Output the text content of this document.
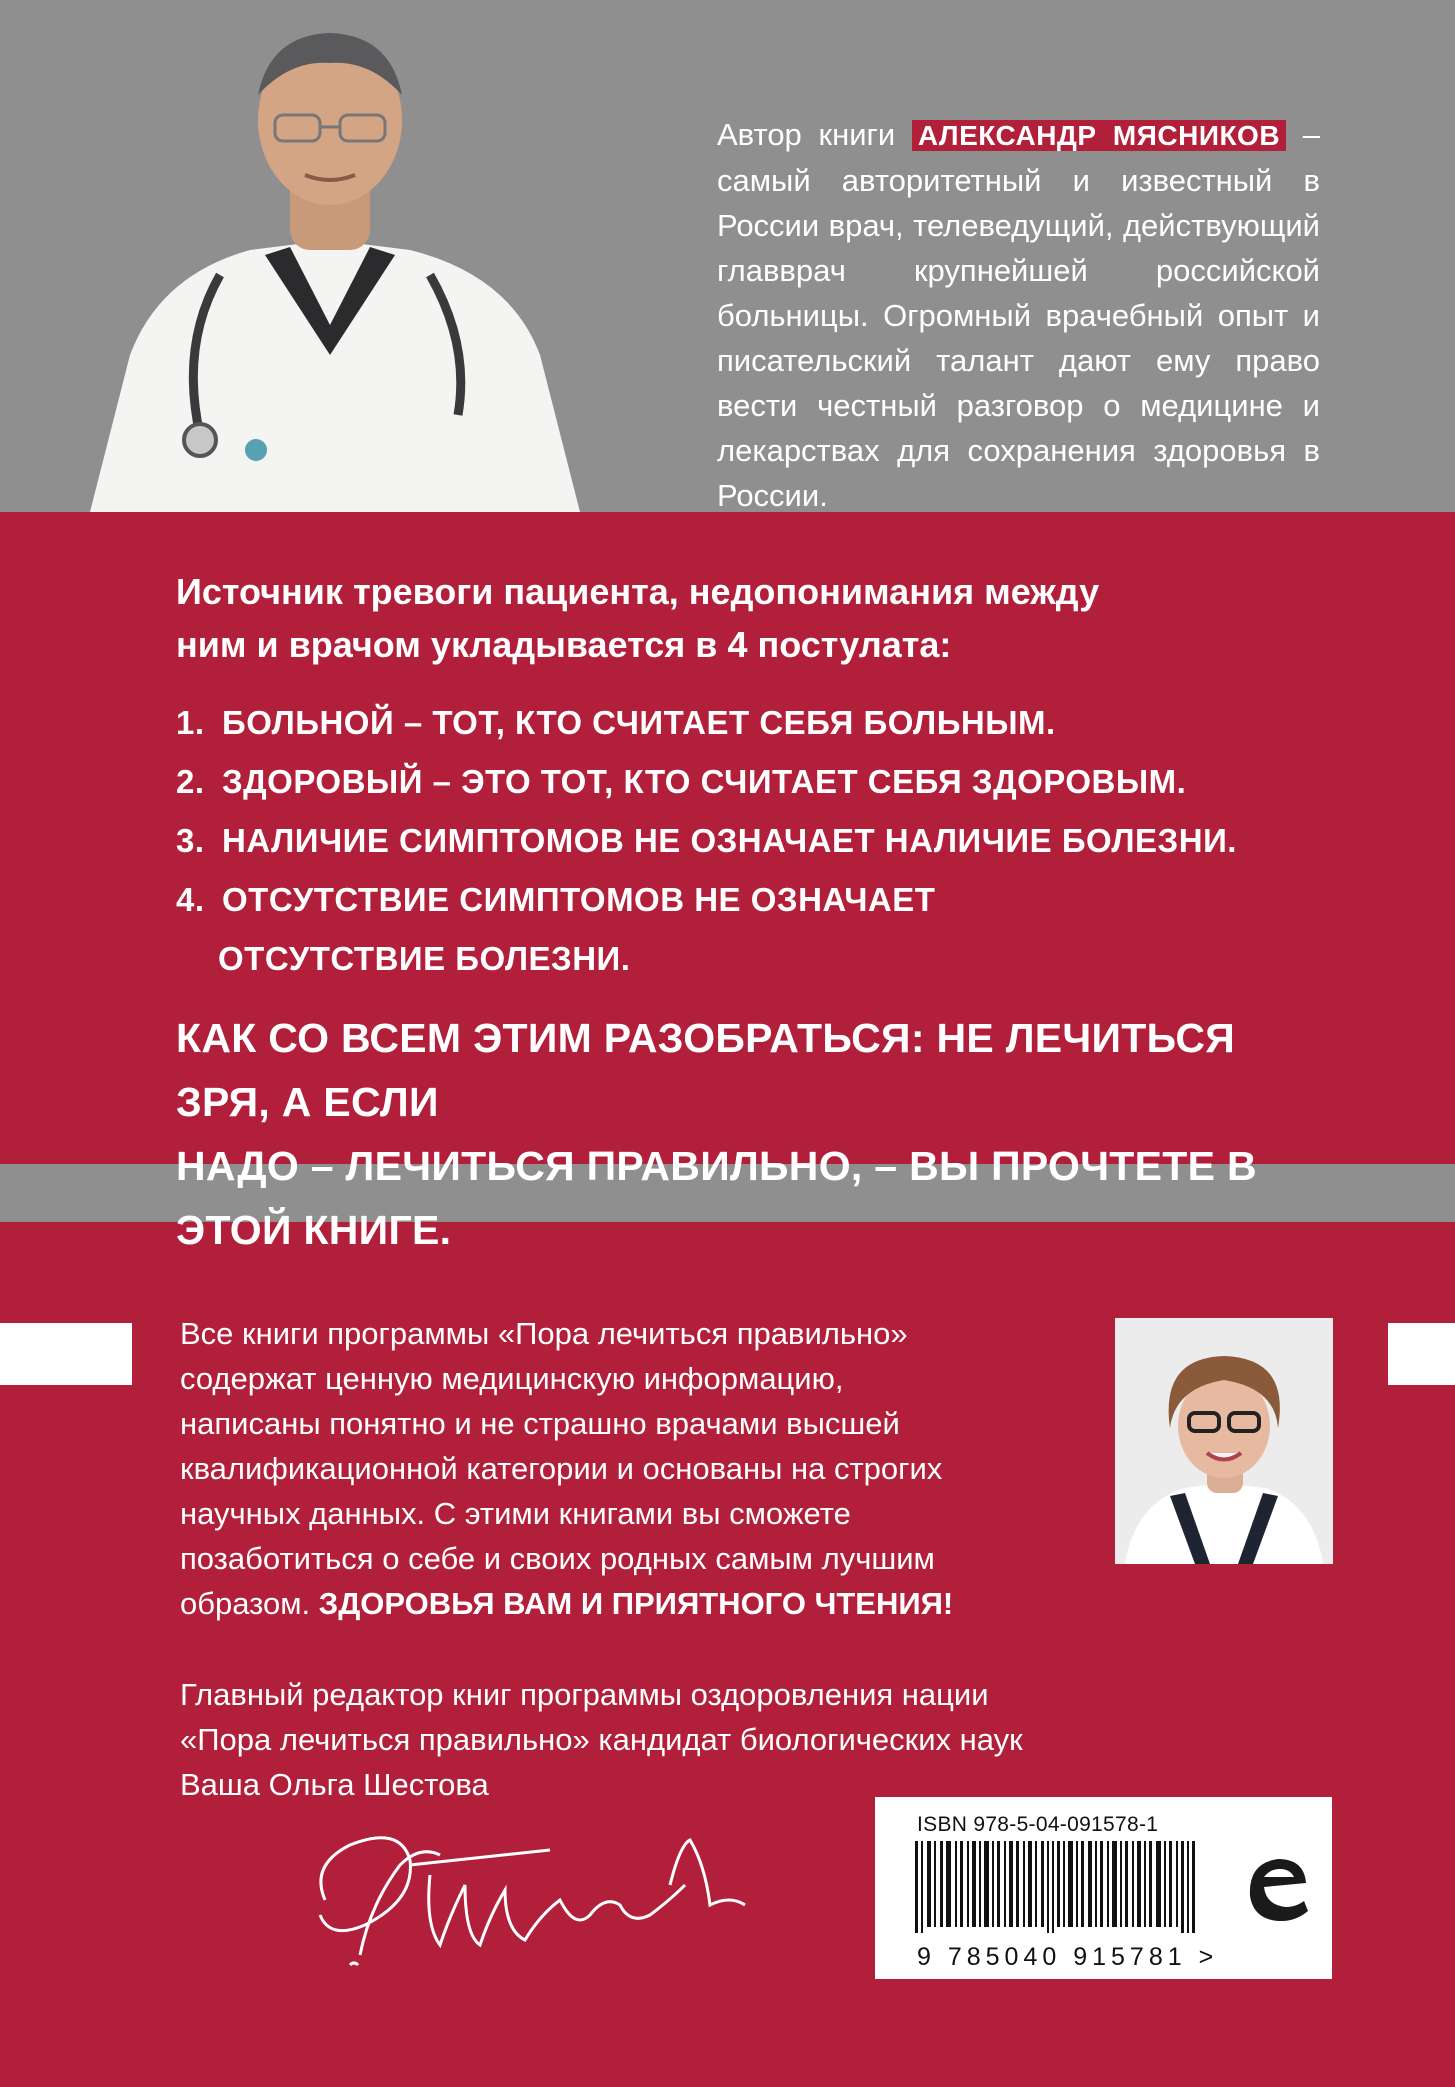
Автор книги АЛЕКСАНДР МЯСНИКОВ – самый авторитетный и известный в России врач, телеведущий, действующий главврач крупнейшей российской больницы. Огромный врачебный опыт и писательский талант дают ему право вести честный разговор о медицине и лекарствах для сохранения здоровья в России.
Источник тревоги пациента, недопонимания между
ним и врачом укладывается в 4 постулата:
1. БОЛЬНОЙ – ТОТ, КТО СЧИТАЕТ СЕБЯ БОЛЬНЫМ.
2. ЗДОРОВЫЙ – ЭТО ТОТ, КТО СЧИТАЕТ СЕБЯ ЗДОРОВЫМ.
3. НАЛИЧИЕ СИМПТОМОВ НЕ ОЗНАЧАЕТ НАЛИЧИЕ БОЛЕЗНИ.
4. ОТСУТСТВИЕ СИМПТОМОВ НЕ ОЗНАЧАЕТ
ОТСУТСТВИЕ БОЛЕЗНИ.
КАК СО ВСЕМ ЭТИМ РАЗОБРАТЬСЯ: НЕ ЛЕЧИТЬСЯ ЗРЯ, А ЕСЛИ
НАДО – ЛЕЧИТЬСЯ ПРАВИЛЬНО, – ВЫ ПРОЧТЕТЕ В ЭТОЙ КНИГЕ.
Все книги программы «Пора лечиться правильно»
содержат ценную медицинскую информацию,
написаны понятно и не страшно врачами высшей
квалификационной категории и основаны на строгих
научных данных. С этими книгами вы сможете
позаботиться о себе и своих родных самым лучшим
образом. ЗДОРОВЬЯ ВАМ И ПРИЯТНОГО ЧТЕНИЯ!
Главный редактор книг программы оздоровления нации
«Пора лечиться правильно» кандидат биологических наук
Ваша Ольга Шестова
ISBN 978-5-04-091578-1
9 785040 915781 >
